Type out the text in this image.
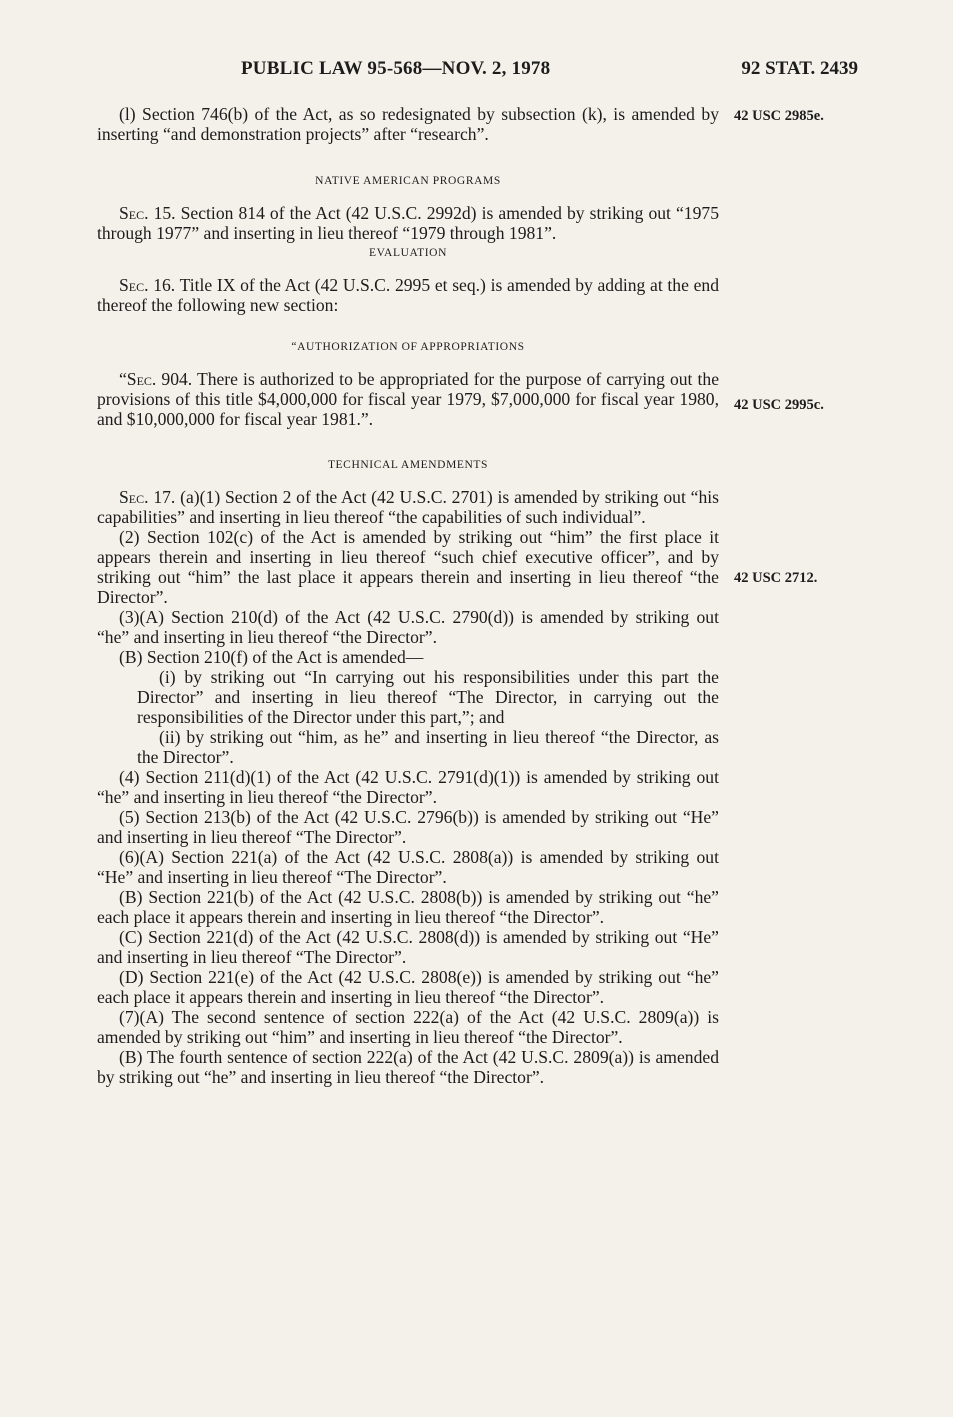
PUBLIC LAW 95-568—NOV. 2, 1978	92 STAT. 2439
42 USC 2985e.
42 USC 2995c.
42 USC 2712.

(l) Section 746(b) of the Act, as so redesignated by subsection (k), is amended by inserting “and demonstration projects” after “research”.

NATIVE AMERICAN PROGRAMS

Sec. 15. Section 814 of the Act (42 U.S.C. 2992d) is amended by striking out “1975 through 1977” and inserting in lieu thereof “1979 through 1981”.

EVALUATION

Sec. 16. Title IX of the Act (42 U.S.C. 2995 et seq.) is amended by adding at the end thereof the following new section:

“AUTHORIZATION OF APPROPRIATIONS

“Sec. 904. There is authorized to be appropriated for the purpose of carrying out the provisions of this title $4,000,000 for fiscal year 1979, $7,000,000 for fiscal year 1980, and $10,000,000 for fiscal year 1981.”.

TECHNICAL AMENDMENTS

Sec. 17. (a)(1) Section 2 of the Act (42 U.S.C. 2701) is amended by striking out “his capabilities” and inserting in lieu thereof “the capabilities of such individual”.

(2) Section 102(c) of the Act is amended by striking out “him” the first place it appears therein and inserting in lieu thereof “such chief executive officer”, and by striking out “him” the last place it appears therein and inserting in lieu thereof “the Director”.

(3)(A) Section 210(d) of the Act (42 U.S.C. 2790(d)) is amended by striking out “he” and inserting in lieu thereof “the Director”.

(B) Section 210(f) of the Act is amended—

(i) by striking out “In carrying out his responsibilities under this part the Director” and inserting in lieu thereof “The Director, in carrying out the responsibilities of the Director under this part,”; and

(ii) by striking out “him, as he” and inserting in lieu thereof “the Director, as the Director”.

(4) Section 211(d)(1) of the Act (42 U.S.C. 2791(d)(1)) is amended by striking out “he” and inserting in lieu thereof “the Director”.

(5) Section 213(b) of the Act (42 U.S.C. 2796(b)) is amended by striking out “He” and inserting in lieu thereof “The Director”.

(6)(A) Section 221(a) of the Act (42 U.S.C. 2808(a)) is amended by striking out “He” and inserting in lieu thereof “The Director”.

(B) Section 221(b) of the Act (42 U.S.C. 2808(b)) is amended by striking out “he” each place it appears therein and inserting in lieu thereof “the Director”.

(C) Section 221(d) of the Act (42 U.S.C. 2808(d)) is amended by striking out “He” and inserting in lieu thereof “The Director”.

(D) Section 221(e) of the Act (42 U.S.C. 2808(e)) is amended by striking out “he” each place it appears therein and inserting in lieu thereof “the Director”.

(7)(A) The second sentence of section 222(a) of the Act (42 U.S.C. 2809(a)) is amended by striking out “him” and inserting in lieu thereof “the Director”.

(B) The fourth sentence of section 222(a) of the Act (42 U.S.C. 2809(a)) is amended by striking out “he” and inserting in lieu thereof “the Director”.
